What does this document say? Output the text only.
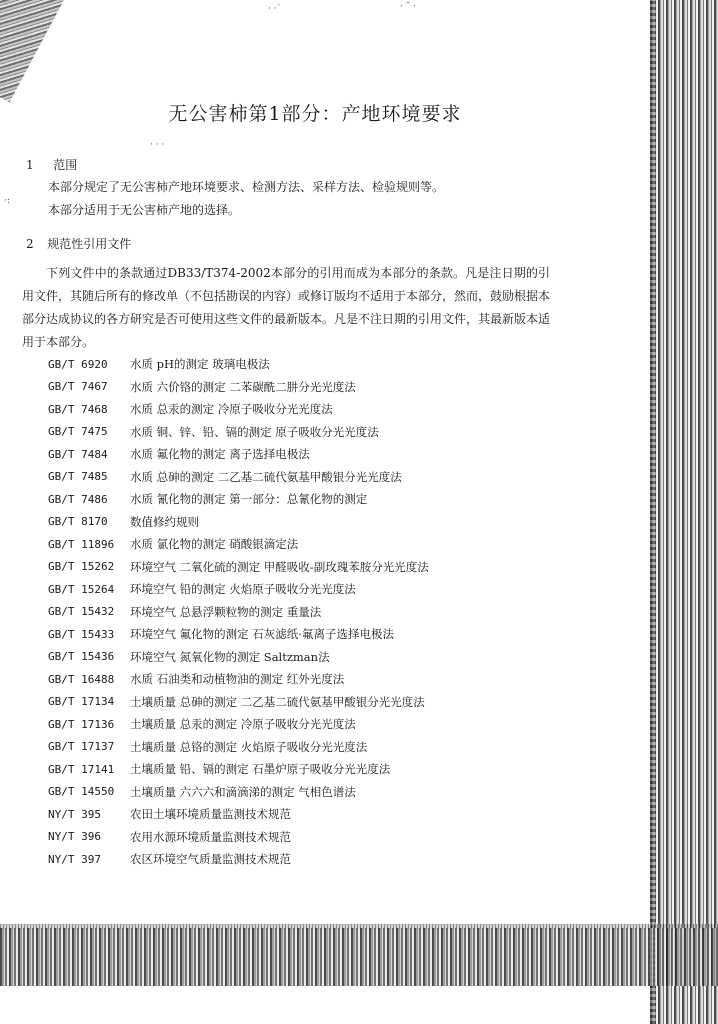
· ·˙	· ¨ ·
· · ·
·:
无公害柿第1部分：产地环境要求
1 范围
本部分规定了无公害柿产地环境要求、检测方法、采样方法、检验规则等。
本部分适用于无公害柿产地的选择。
2 规范性引用文件
下列文件中的条款通过DB33/T374-2002本部分的引用而成为本部分的条款。凡是注日期的引用文件，其随后所有的修改单（不包括勘误的内容）或修订版均不适用于本部分，然而，鼓励根据本部分达成协议的各方研究是否可使用这些文件的最新版本。凡是不注日期的引用文件，其最新版本适用于本部分。
GB/T 6920	水质 pH的测定 玻璃电极法
GB/T 7467	水质 六价铬的测定 二苯碳酰二肼分光光度法
GB/T 7468	水质 总汞的测定 冷原子吸收分光光度法
GB/T 7475	水质 铜、锌、铅、镉的测定 原子吸收分光光度法
GB/T 7484	水质 氟化物的测定 离子选择电极法
GB/T 7485	水质 总砷的测定 二乙基二硫代氨基甲酸银分光光度法
GB/T 7486	水质 氰化物的测定 第一部分：总氰化物的测定
GB/T 8170	数值修约规则
GB/T 11896	水质 氯化物的测定 硝酸银滴定法
GB/T 15262	环境空气 二氧化硫的测定 甲醛吸收-副玫瑰苯胺分光光度法
GB/T 15264	环境空气 铅的测定 火焰原子吸收分光光度法
GB/T 15432	环境空气 总悬浮颗粒物的测定 重量法
GB/T 15433	环境空气 氟化物的测定 石灰滤纸·氟离子选择电极法
GB/T 15436	环境空气 氮氧化物的测定 Saltzman法
GB/T 16488	水质 石油类和动植物油的测定 红外光度法
GB/T 17134	土壤质量 总砷的测定 二乙基二硫代氨基甲酸银分光光度法
GB/T 17136	土壤质量 总汞的测定 冷原子吸收分光光度法
GB/T 17137	土壤质量 总铬的测定 火焰原子吸收分光光度法
GB/T 17141	土壤质量 铅、镉的测定 石墨炉原子吸收分光光度法
GB/T 14550	土壤质量 六六六和滴滴涕的测定 气相色谱法
NY/T 395	农田土壤环境质量监测技术规范
NY/T 396	农用水源环境质量监测技术规范
NY/T 397	农区环境空气质量监测技术规范
